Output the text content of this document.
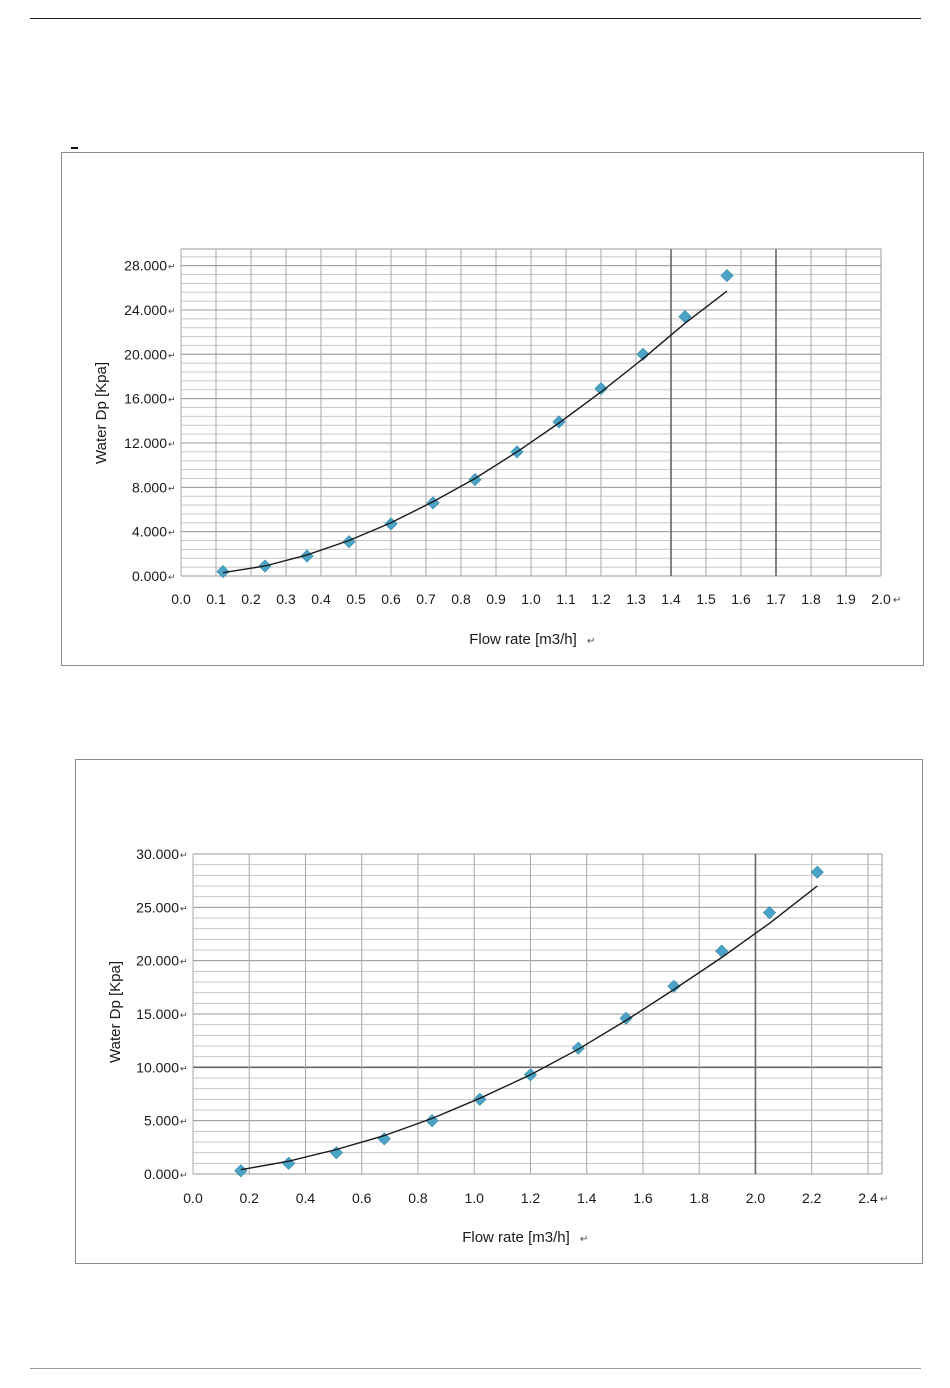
0.000 ↵
4.000 ↵
8.000 ↵
12.000 ↵
16.000 ↵
20.000 ↵
24.000 ↵
28.000 ↵
0.0 0.1 0.2 0.3 0.4 0.5 0.6 0.7 0.8 0.9 1.0 1.1 1.2 1.3 1.4 1.5 1.6 1.7 1.8 1.9 2.0 ↵
Flow rate [m3/h] ↵
Water Dp [Kpa]
0.000 ↵
5.000 ↵
10.000 ↵
15.000 ↵
20.000 ↵
25.000 ↵
30.000 ↵
0.0	0.2	0.4	0.6	0.8	1.0	1.2	1.4	1.6	1.8	2.0	2.2	2.4 ↵
Flow rate [m3/h] ↵
Water Dp [Kpa]
